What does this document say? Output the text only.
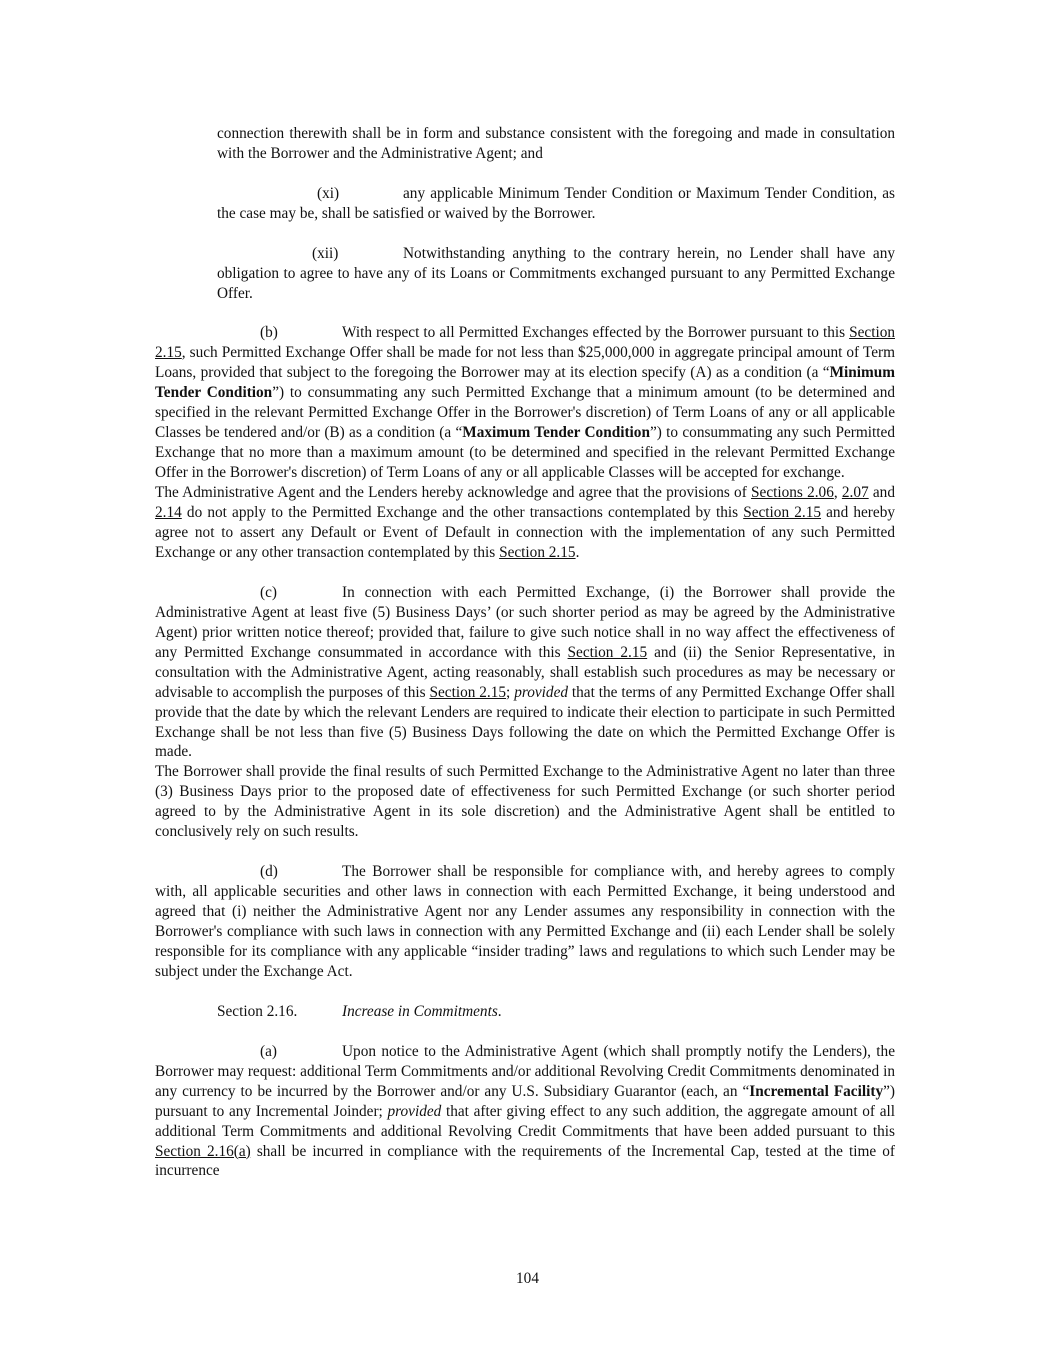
connection therewith shall be in form and substance consistent with the foregoing and made in consultation with the Borrower and the Administrative Agent; and

(xi)	any applicable Minimum Tender Condition or Maximum Tender Condition, as the case may be, shall be satisfied or waived by the Borrower.

(xii)	Notwithstanding anything to the contrary herein, no Lender shall have any obligation to agree to have any of its Loans or Commitments exchanged pursuant to any Permitted Exchange Offer.

(b)	With respect to all Permitted Exchanges effected by the Borrower pursuant to this Section 2.15, such Permitted Exchange Offer shall be made for not less than $25,000,000 in aggregate principal amount of Term Loans, provided that subject to the foregoing the Borrower may at its election specify (A) as a condition (a “Minimum Tender Condition”) to consummating any such Permitted Exchange that a minimum amount (to be determined and specified in the relevant Permitted Exchange Offer in the Borrower's discretion) of Term Loans of any or all applicable Classes be tendered and/or (B) as a condition (a “Maximum Tender Condition”) to consummating any such Permitted Exchange that no more than a maximum amount (to be determined and specified in the relevant Permitted Exchange Offer in the Borrower's discretion) of Term Loans of any or all applicable Classes will be accepted for exchange.
The Administrative Agent and the Lenders hereby acknowledge and agree that the provisions of Sections 2.06, 2.07 and 2.14 do not apply to the Permitted Exchange and the other transactions contemplated by this Section 2.15 and hereby agree not to assert any Default or Event of Default in connection with the implementation of any such Permitted Exchange or any other transaction contemplated by this Section 2.15.

(c)	In connection with each Permitted Exchange, (i) the Borrower shall provide the Administrative Agent at least five (5) Business Days’ (or such shorter period as may be agreed by the Administrative Agent) prior written notice thereof; provided that, failure to give such notice shall in no way affect the effectiveness of any Permitted Exchange consummated in accordance with this Section 2.15 and (ii) the Senior Representative, in consultation with the Administrative Agent, acting reasonably, shall establish such procedures as may be necessary or advisable to accomplish the purposes of this Section 2.15; provided that the terms of any Permitted Exchange Offer shall provide that the date by which the relevant Lenders are required to indicate their election to participate in such Permitted Exchange shall be not less than five (5) Business Days following the date on which the Permitted Exchange Offer is made.
The Borrower shall provide the final results of such Permitted Exchange to the Administrative Agent no later than three (3) Business Days prior to the proposed date of effectiveness for such Permitted Exchange (or such shorter period agreed to by the Administrative Agent in its sole discretion) and the Administrative Agent shall be entitled to conclusively rely on such results.

(d)	The Borrower shall be responsible for compliance with, and hereby agrees to comply with, all applicable securities and other laws in connection with each Permitted Exchange, it being understood and agreed that (i) neither the Administrative Agent nor any Lender assumes any responsibility in connection with the Borrower's compliance with such laws in connection with any Permitted Exchange and (ii) each Lender shall be solely responsible for its compliance with any applicable “insider trading” laws and regulations to which such Lender may be subject under the Exchange Act.

Section 2.16.	Increase in Commitments.

(a)	Upon notice to the Administrative Agent (which shall promptly notify the Lenders), the Borrower may request: additional Term Commitments and/or additional Revolving Credit Commitments denominated in any currency to be incurred by the Borrower and/or any U.S. Subsidiary Guarantor (each, an “Incremental Facility”) pursuant to any Incremental Joinder; provided that after giving effect to any such addition, the aggregate amount of all additional Term Commitments and additional Revolving Credit Commitments that have been added pursuant to this Section 2.16(a) shall be incurred in compliance with the requirements of the Incremental Cap, tested at the time of incurrence

104
